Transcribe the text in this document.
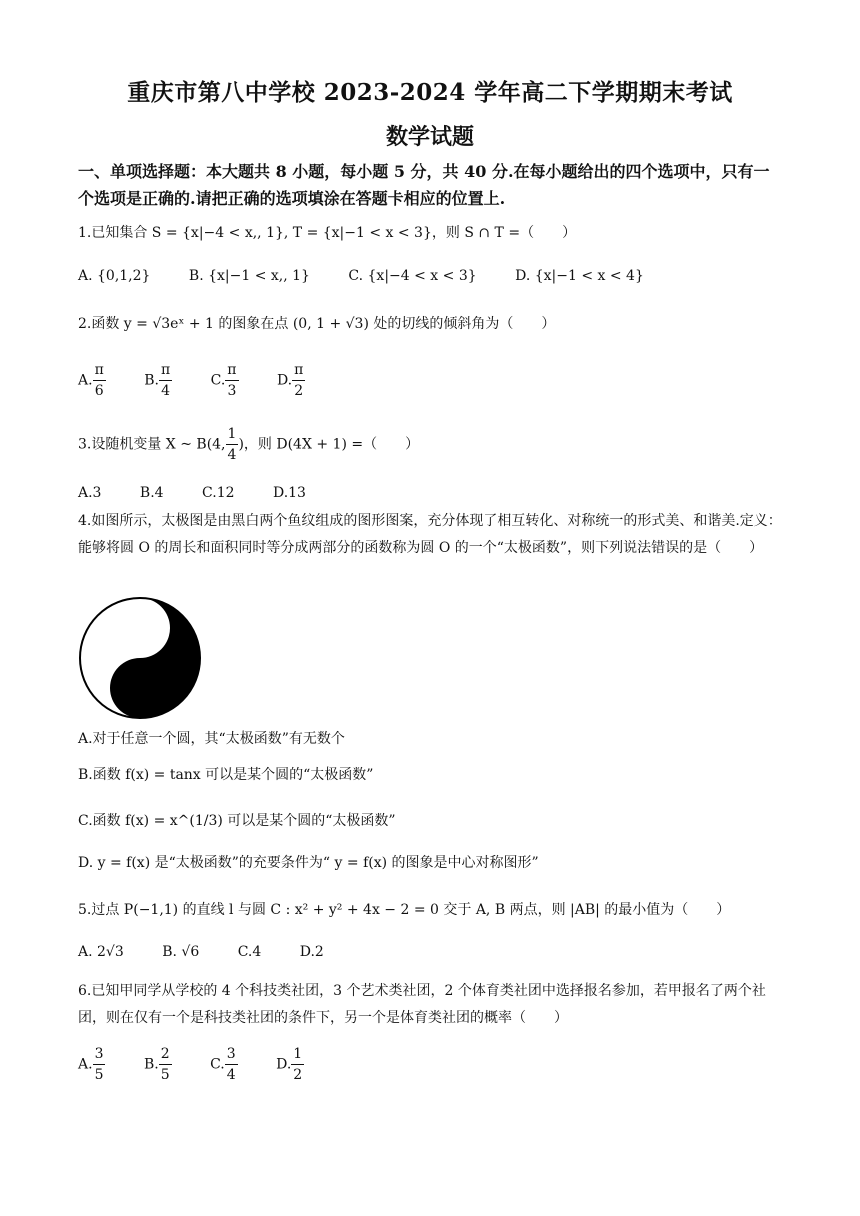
重庆市第八中学校 2023-2024 学年高二下学期期末考试
数学试题
一、单项选择题：本大题共 8 小题，每小题 5 分，共 40 分.在每小题给出的四个选项中，只有一个选项是正确的.请把正确的选项填涂在答题卡相应的位置上.
1.已知集合 S = {x|−4 < x,, 1}, T = {x|−1 < x < 3}，则 S ∩ T =（　　）
A. {0,1,2}	B. {x|−1 < x,, 1}	C. {x|−4 < x < 3}	D. {x|−1 < x < 4}
2.函数 y = √3eˣ + 1 的图象在点 (0, 1 + √3) 处的切线的倾斜角为（　　）
A. $\frac{\pi}{6}$	B. $\frac{\pi}{4}$	C. $\frac{\pi}{3}$	D. $\frac{\pi}{2}$
3.设随机变量 X ~ B(4, $\frac{1}{4}$ )，则 D(4X + 1) =（　　）
A.3	B.4	C.12	D.13
4.如图所示，太极图是由黑白两个鱼纹组成的图形图案，充分体现了相互转化、对称统一的形式美、和谐美.定义：能够将圆 O 的周长和面积同时等分成两部分的函数称为圆 O 的一个“太极函数”，则下列说法错误的是（　　）
A.对于任意一个圆，其“太极函数”有无数个
B.函数 f(x) = tanx 可以是某个圆的“太极函数”
C.函数 f(x) = x^(1/3) 可以是某个圆的“太极函数”
D. y = f(x) 是“太极函数”的充要条件为“ y = f(x) 的图象是中心对称图形”
5.过点 P(−1,1) 的直线 l 与圆 C : x² + y² + 4x − 2 = 0 交于 A, B 两点，则 |AB| 的最小值为（　　）
A. 2√3	B. √6	C.4	D.2
6.已知甲同学从学校的 4 个科技类社团，3 个艺术类社团，2 个体育类社团中选择报名参加，若甲报名了两个社团，则在仅有一个是科技类社团的条件下，另一个是体育类社团的概率（　　）
A. $\frac{3}{5}$	B. $\frac{2}{5}$	C. $\frac{3}{4}$	D. $\frac{1}{2}$
